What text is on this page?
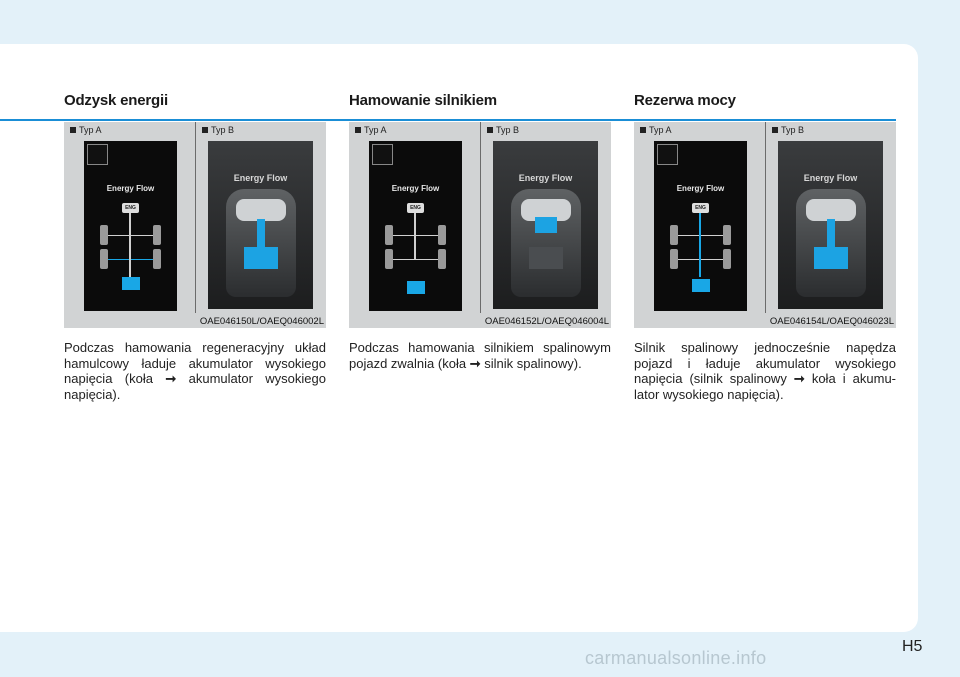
Odzysk energii
Typ A	Typ B
Energy Flow
ENG
Energy Flow
OAE046150L/OAEQ046002L

Podczas hamowania regeneracyjny układ hamulcowy ładuje akumulator wysokiego napięcia (koła ➞ akumulator wysokiego napięcia).

Hamowanie silnikiem
Typ A	Typ B
Energy Flow
ENG
Energy Flow
OAE046152L/OAEQ046004L

Podczas hamowania silnikiem spalinowym pojazd zwalnia (koła ➞ silnik spalinowy).

Rezerwa mocy
Typ A	Typ B
Energy Flow
ENG
Energy Flow
OAE046154L/OAEQ046023L

Silnik spalinowy jednocześnie napędza pojazd i ładuje akumulator wysokiego napięcia (silnik spalinowy ➞ koła i akumu-lator wysokiego napięcia).

H5
carmanualsonline.info
